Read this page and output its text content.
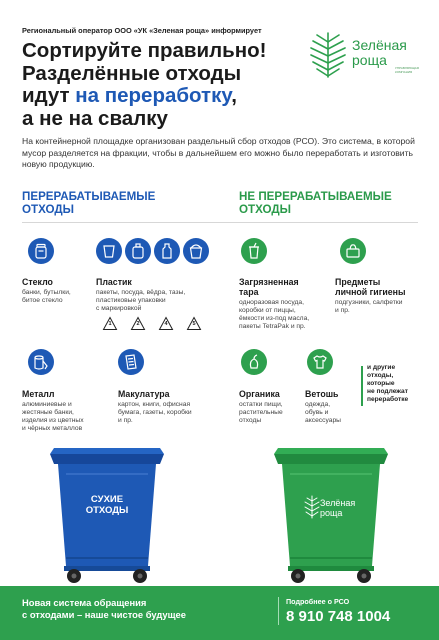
Региональный оператор ООО «УК «Зеленая роща» информирует
Сортируйте правильно!
Разделённые отходы
идут на переработку,
а не на свалку
Зелёная
роща	УПРАВЛЯЮЩАЯ КОМПАНИЯ
На контейнерной площадке организован раздельный сбор отходов (РСО). Это система, в которой мусор разделяется на фракции, чтобы в дальнейшем его можно было переработать и изготовить новую продукцию.
ПЕРЕРАБАТЫВАЕМЫЕ
ОТХОДЫ
НЕ ПЕРЕРАБАТЫВАЕМЫЕ
ОТХОДЫ
Стекло
банки, бутылки,
битое стекло
Пластик
пакеты, посуда, вёдра, тазы,
пластиковые упаковки
с маркировкой
1	2	4	5
Металл
алюминиевые и
жестяные банки,
изделия из цветных
и чёрных металлов
Макулатура
картон, книги, офисная
бумага, газеты, коробки
и пр.
Загрязненная
тара
одноразовая посуда,
коробки от пиццы,
ёмкости из-под масла,
пакеты TetraPak и пр.
Предметы
личной гигиены
подгузники, салфетки
и пр.
Органика
остатки пищи,
растительные
отходы
Ветошь
одежда,
обувь и
аксессуары
и другие
отходы,
которые
не подлежат
переработке
СУХИЕ
ОТХОДЫ
Зелёная
роща
Новая система обращения
с отходами – наше чистое будущее
Подробнее о РСО
8 910 748 1004
